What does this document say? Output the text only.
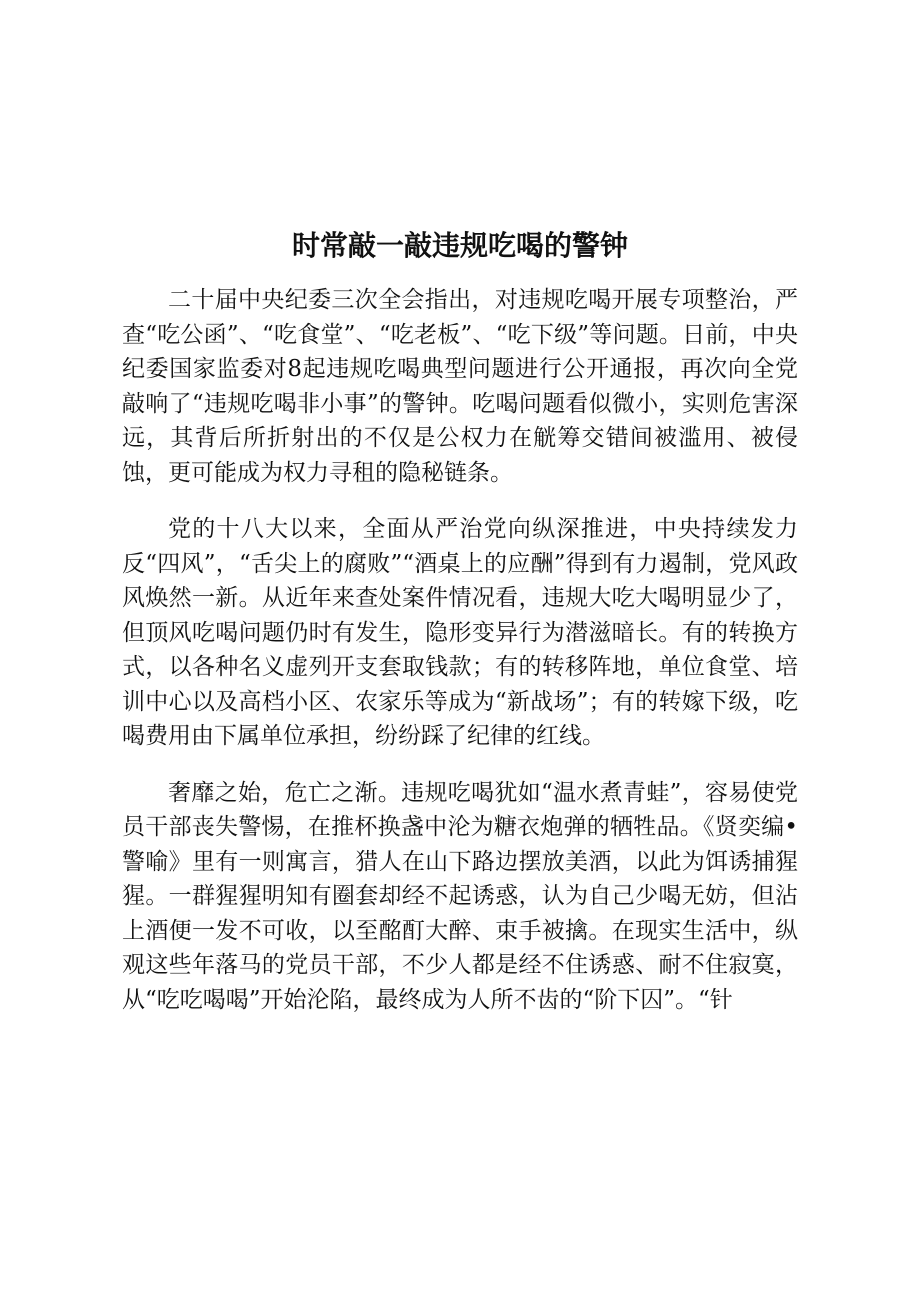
时常敲一敲违规吃喝的警钟

二十届中央纪委三次全会指出，对违规吃喝开展专项整治，严查“吃公函”、“吃食堂”、“吃老板”、“吃下级”等问题。日前，中央纪委国家监委对8起违规吃喝典型问题进行公开通报，再次向全党敲响了“违规吃喝非小事”的警钟。吃喝问题看似微小，实则危害深远，其背后所折射出的不仅是公权力在觥筹交错间被滥用、被侵蚀，更可能成为权力寻租的隐秘链条。

党的十八大以来，全面从严治党向纵深推进，中央持续发力反“四风”，“舌尖上的腐败”“酒桌上的应酬”得到有力遏制，党风政风焕然一新。从近年来查处案件情况看，违规大吃大喝明显少了，但顶风吃喝问题仍时有发生，隐形变异行为潜滋暗长。有的转换方式，以各种名义虚列开支套取钱款；有的转移阵地，单位食堂、培训中心以及高档小区、农家乐等成为“新战场”；有的转嫁下级，吃喝费用由下属单位承担，纷纷踩了纪律的红线。

奢靡之始，危亡之渐。违规吃喝犹如“温水煮青蛙”，容易使党员干部丧失警惕，在推杯换盏中沦为糖衣炮弹的牺牲品。《贤奕编•警喻》里有一则寓言，猎人在山下路边摆放美酒，以此为饵诱捕猩猩。一群猩猩明知有圈套却经不起诱惑，认为自己少喝无妨，但沾上酒便一发不可收，以至酩酊大醉、束手被擒。在现实生活中，纵观这些年落马的党员干部，不少人都是经不住诱惑、耐不住寂寞，从“吃吃喝喝”开始沦陷，最终成为人所不齿的“阶下囚”。“针
